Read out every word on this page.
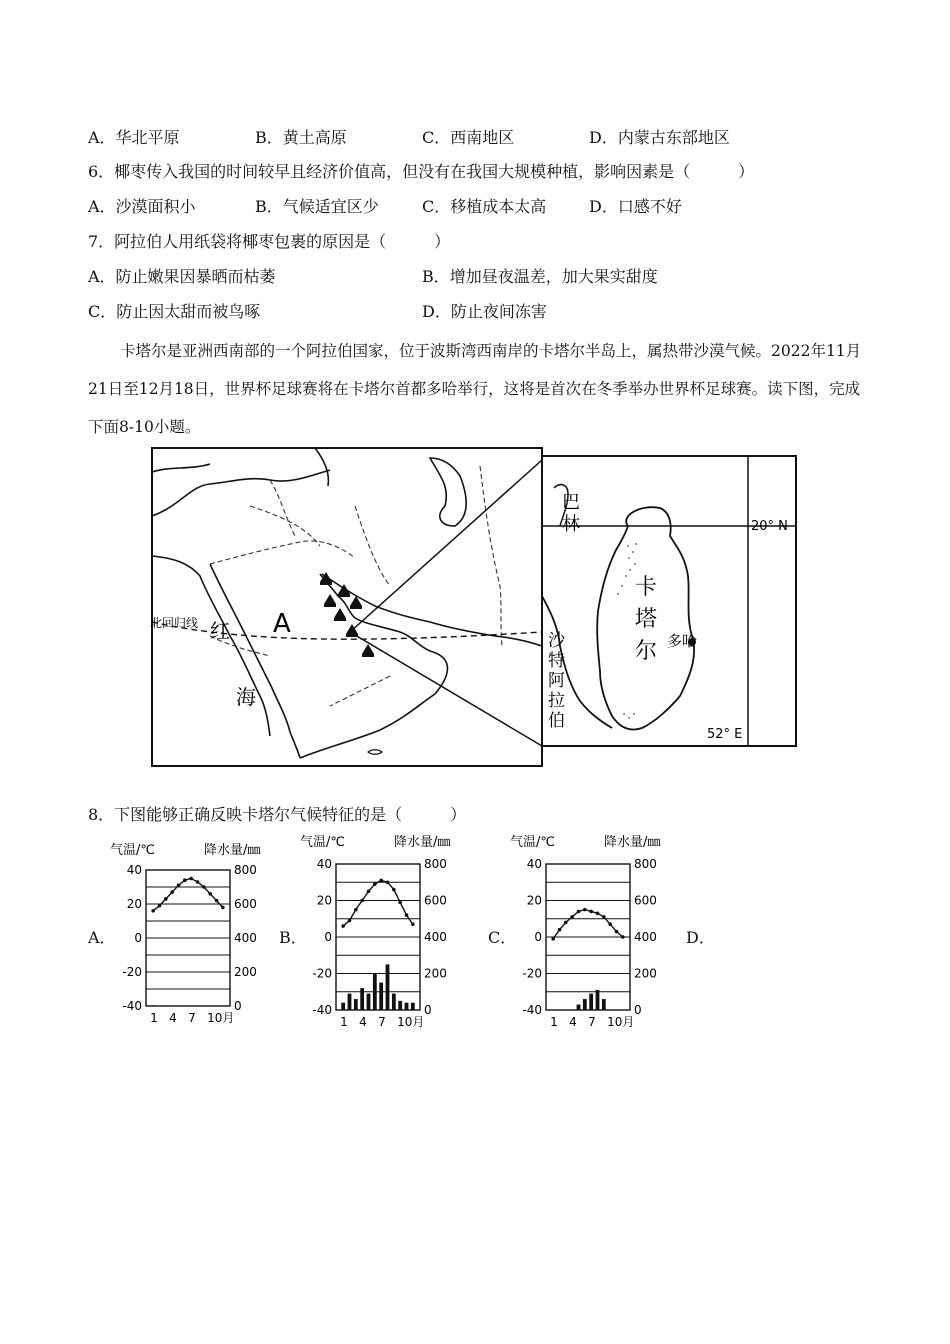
A．华北平原	B．黄土高原	C．西南地区	D．内蒙古东部地区
6．椰枣传入我国的时间较早且经济价值高，但没有在我国大规模种植，影响因素是（　　　）
A．沙漠面积小	B．气候适宜区少	C．移植成本太高	D．口感不好
7．阿拉伯人用纸袋将椰枣包裹的原因是（　　　）
A．防止嫩果因暴晒而枯萎	B．增加昼夜温差，加大果实甜度
C．防止因太甜而被鸟啄	D．防止夜间冻害
卡塔尔是亚洲西南部的一个阿拉伯国家，位于波斯湾西南岸的卡塔尔半岛上，属热带沙漠气候。2022年11月21日至12月18日，世界杯足球赛将在卡塔尔首都多哈举行，这将是首次在冬季举办世界杯足球赛。读下图，完成下面8-10小题。
A
北回归线 红
海
巴
林
卡
塔
尔 多哈
沙
特
阿
拉
伯
20° N
52° E
8．下图能够正确反映卡塔尔气候特征的是（　　　）
A．	B．	C．	D．
气温/℃	降水量/㎜
40
20
0
-20
-40
800
600
400
200
0
1 4 7 10月
气温/℃	降水量/㎜
40
20
0
-20
-40
800
600
400
200
0
1 4 7 10月
气温/℃	降水量/㎜
40
20
0
-20
-40
800
600
400
200
0
1 4 7 10月
